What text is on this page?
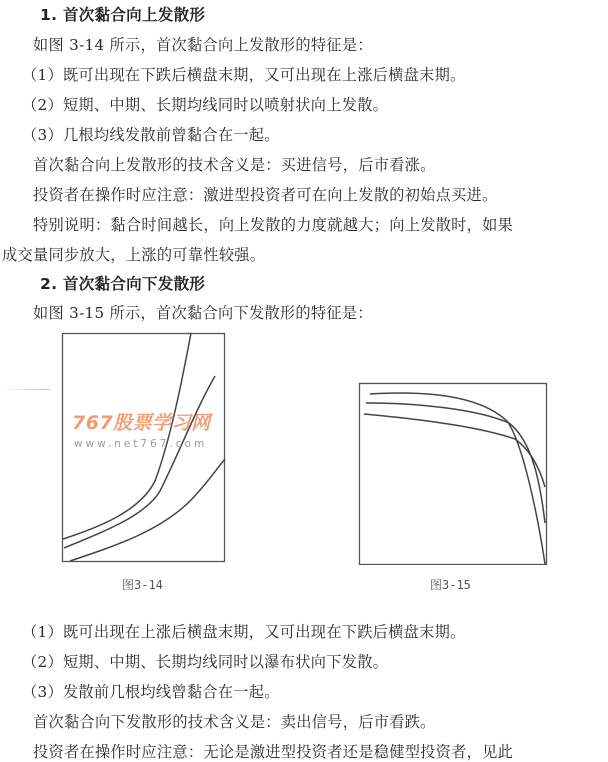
1. 首次黏合向上发散形
如图 3-14 所示，首次黏合向上发散形的特征是：
（1）既可出现在下跌后横盘末期，又可出现在上涨后横盘末期。
（2）短期、中期、长期均线同时以喷射状向上发散。
（3）几根均线发散前曾黏合在一起。
首次黏合向上发散形的技术含义是：买进信号，后市看涨。
投资者在操作时应注意：激进型投资者可在向上发散的初始点买进。
特别说明：黏合时间越长，向上发散的力度就越大；向上发散时，如果
成交量同步放大，上涨的可靠性较强。
2. 首次黏合向下发散形
如图 3-15 所示，首次黏合向下发散形的特征是：
767股票学习网
www.net767.com
图3-14	图3-15
（1）既可出现在上涨后横盘末期，又可出现在下跌后横盘末期。
（2）短期、中期、长期均线同时以瀑布状向下发散。
（3）发散前几根均线曾黏合在一起。
首次黏合向下发散形的技术含义是：卖出信号，后市看跌。
投资者在操作时应注意：无论是激进型投资者还是稳健型投资者，见此
